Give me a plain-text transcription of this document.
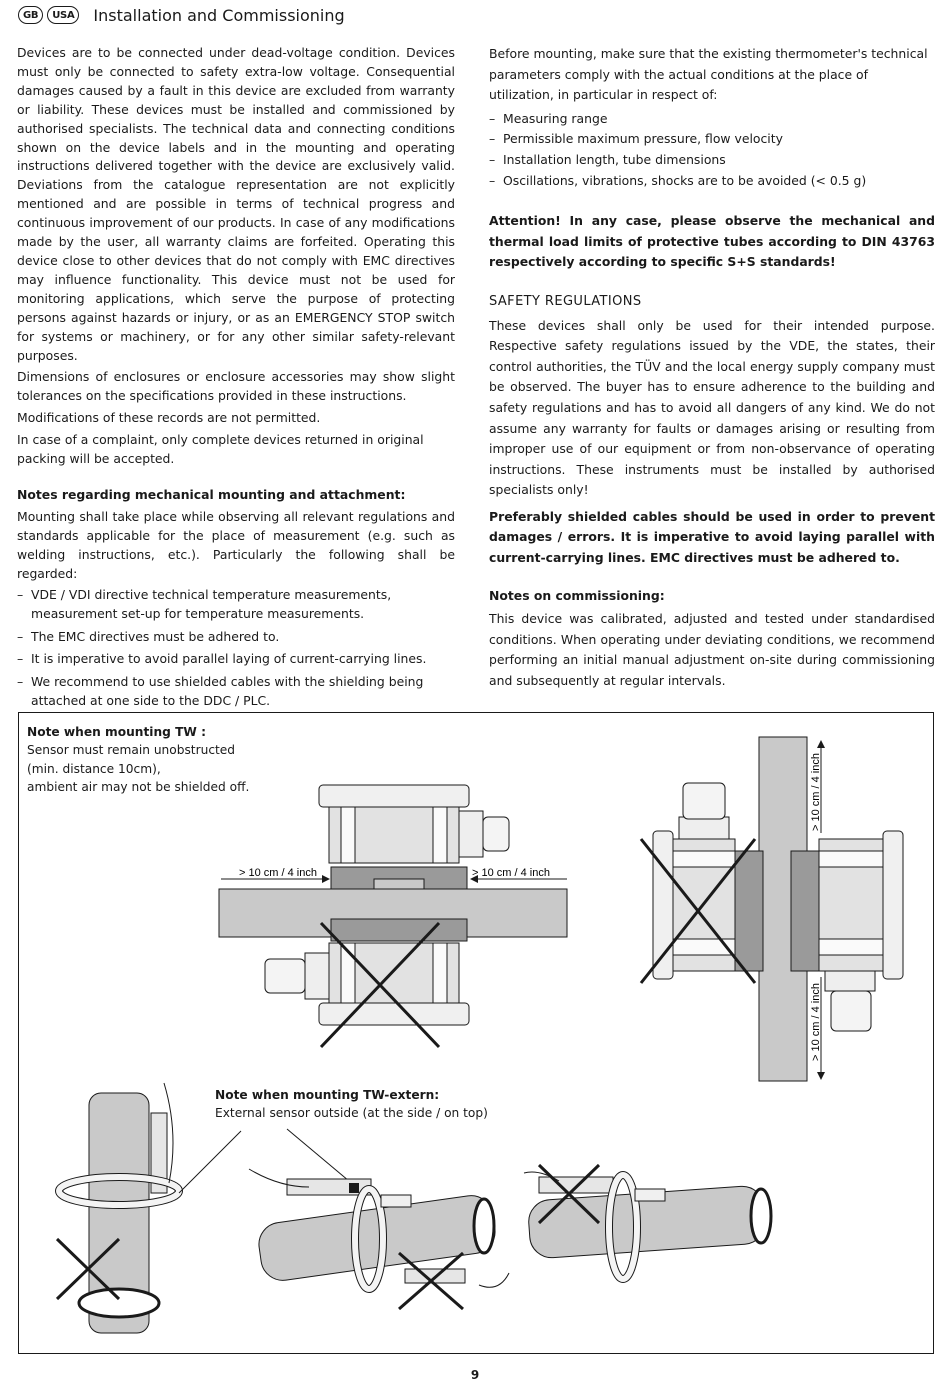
GB	USA	Installation and Commissioning

Devices are to be connected under dead-voltage condition. Devices must only be connected to safety extra-low voltage. Consequential damages caused by a fault in this device are excluded from warranty or liability. These devices must be installed and commissioned by authorised specialists. The technical data and connecting conditions shown on the device labels and in the mounting and operating instructions delivered together with the device are exclusively valid. Deviations from the catalogue representation are not explicitly mentioned and are possible in terms of technical progress and continuous improvement of our products. In case of any modifications made by the user, all warranty claims are forfeited. Operating this device close to other devices that do not comply with EMC directives may influence functionality. This device must not be used for monitoring applications, which serve the purpose of protecting persons against hazards or injury, or as an EMERGENCY STOP switch for systems or machinery, or for any other similar safety-relevant purposes.

Dimensions of enclosures or enclosure accessories may show slight tolerances on the specifications provided in these instructions.

Modifications of these records are not permitted.

In case of a complaint, only complete devices returned in original packing will be accepted.

Notes regarding mechanical mounting and attachment:

Mounting shall take place while observing all relevant regulations and standards applicable for the place of measurement (e.g. such as welding instructions, etc.). Particularly the following shall be regarded:

– VDE / VDI directive technical temperature measurements, measurement set-up for temperature measurements.
– The EMC directives must be adhered to.
– It is imperative to avoid parallel laying of current-carrying lines.
– We recommend to use shielded cables with the shielding being attached at one side to the DDC / PLC.

Before mounting, make sure that the existing thermometer's technical parameters comply with the actual conditions at the place of utilization, in particular in respect of:

– Measuring range
– Permissible maximum pressure, flow velocity
– Installation length, tube dimensions
– Oscillations, vibrations, shocks are to be avoided (< 0.5 g)

Attention! In any case, please observe the mechanical and thermal load limits of protective tubes according to DIN 43763 respectively according to specific S+S standards!

SAFETY REGULATIONS

These devices shall only be used for their intended purpose. Respective safety regulations issued by the VDE, the states, their control authorities, the TÜV and the local energy supply company must be observed. The buyer has to ensure adherence to the building and safety regulations and has to avoid all dangers of any kind. We do not assume any warranty for faults or damages arising or resulting from improper use of our equipment or from non-observance of operating instructions. These instruments must be installed by authorised specialists only!

Preferably shielded cables should be used in order to prevent damages / errors. It is imperative to avoid laying parallel with current-carrying lines. EMC directives must be adhered to.

Notes on commissioning:

This device was calibrated, adjusted and tested under standardised conditions. When operating under deviating conditions, we recommend performing an initial manual adjustment on-site during commissioning and subsequently at regular intervals.

> 10 cm / 4 inch	> 10 cm / 4 inch
> 10 cm / 4 inch
> 10 cm / 4 inch
Note when mounting TW :
Sensor must remain unobstructed
(min. distance 10cm),
ambient air may not be shielded off.
Note when mounting TW-extern:
External sensor outside (at the side / on top)
9
